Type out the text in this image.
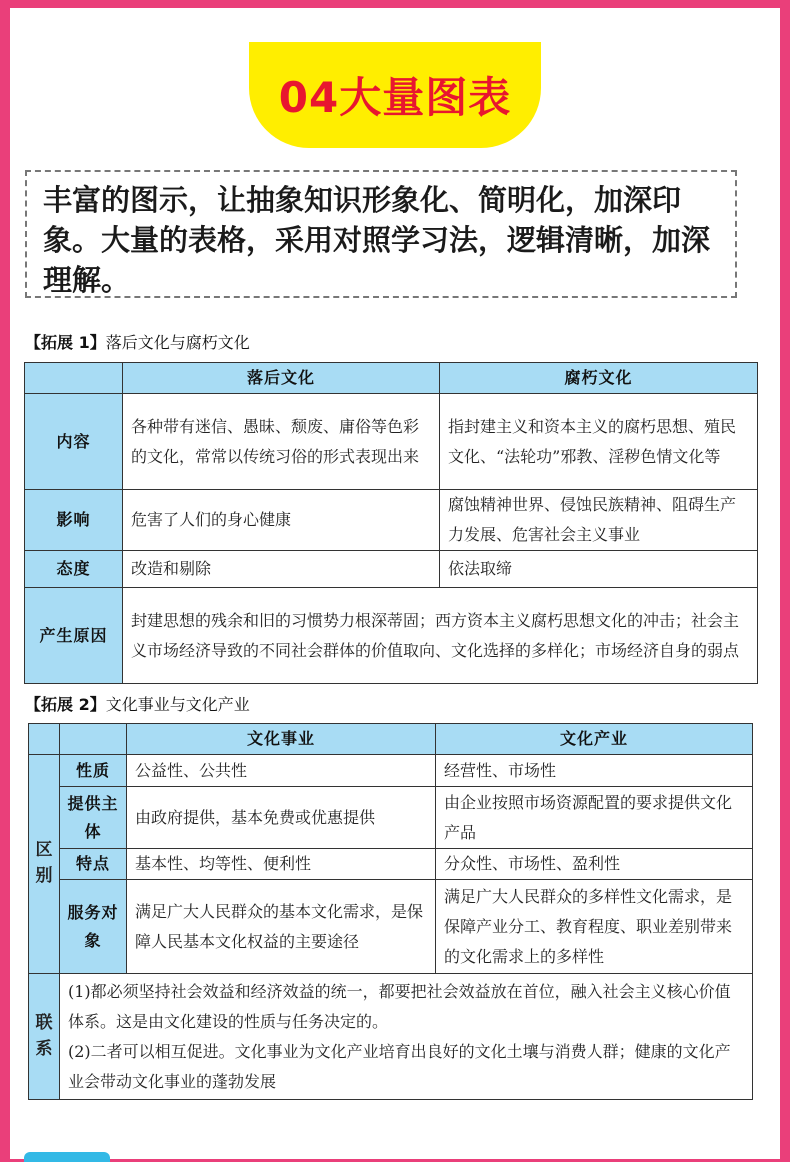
04大量图表
丰富的图示，让抽象知识形象化、简明化，加深印象。大量的表格，采用对照学习法，逻辑清晰，加深理解。
【拓展 1】落后文化与腐朽文化
	落后文化	腐朽文化
内容	各种带有迷信、愚昧、颓废、庸俗等色彩的文化，常常以传统习俗的形式表现出来	指封建主义和资本主义的腐朽思想、殖民文化、“法轮功”邪教、淫秽色情文化等
影响	危害了人们的身心健康	腐蚀精神世界、侵蚀民族精神、阻碍生产力发展、危害社会主义事业
态度	改造和剔除	依法取缔
产生原因	封建思想的残余和旧的习惯势力根深蒂固；西方资本主义腐朽思想文化的冲击；社会主义市场经济导致的不同社会群体的价值取向、文化选择的多样化；市场经济自身的弱点	
【拓展 2】文化事业与文化产业
		文化事业	文化产业
区别	性质	公益性、公共性	经营性、市场性
	提供主体	由政府提供，基本免费或优惠提供	由企业按照市场资源配置的要求提供文化产品
	特点	基本性、均等性、便利性	分众性、市场性、盈利性
	服务对象	满足广大人民群众的基本文化需求，是保障人民基本文化权益的主要途径	满足广大人民群众的多样性文化需求，是保障产业分工、教育程度、职业差别带来的文化需求上的多样性
联系	(1)都必须坚持社会效益和经济效益的统一，都要把社会效益放在首位，融入社会主义核心价值体系。这是由文化建设的性质与任务决定的。
(2)二者可以相互促进。文化事业为文化产业培育出良好的文化土壤与消费人群；健康的文化产业会带动文化事业的蓬勃发展		
